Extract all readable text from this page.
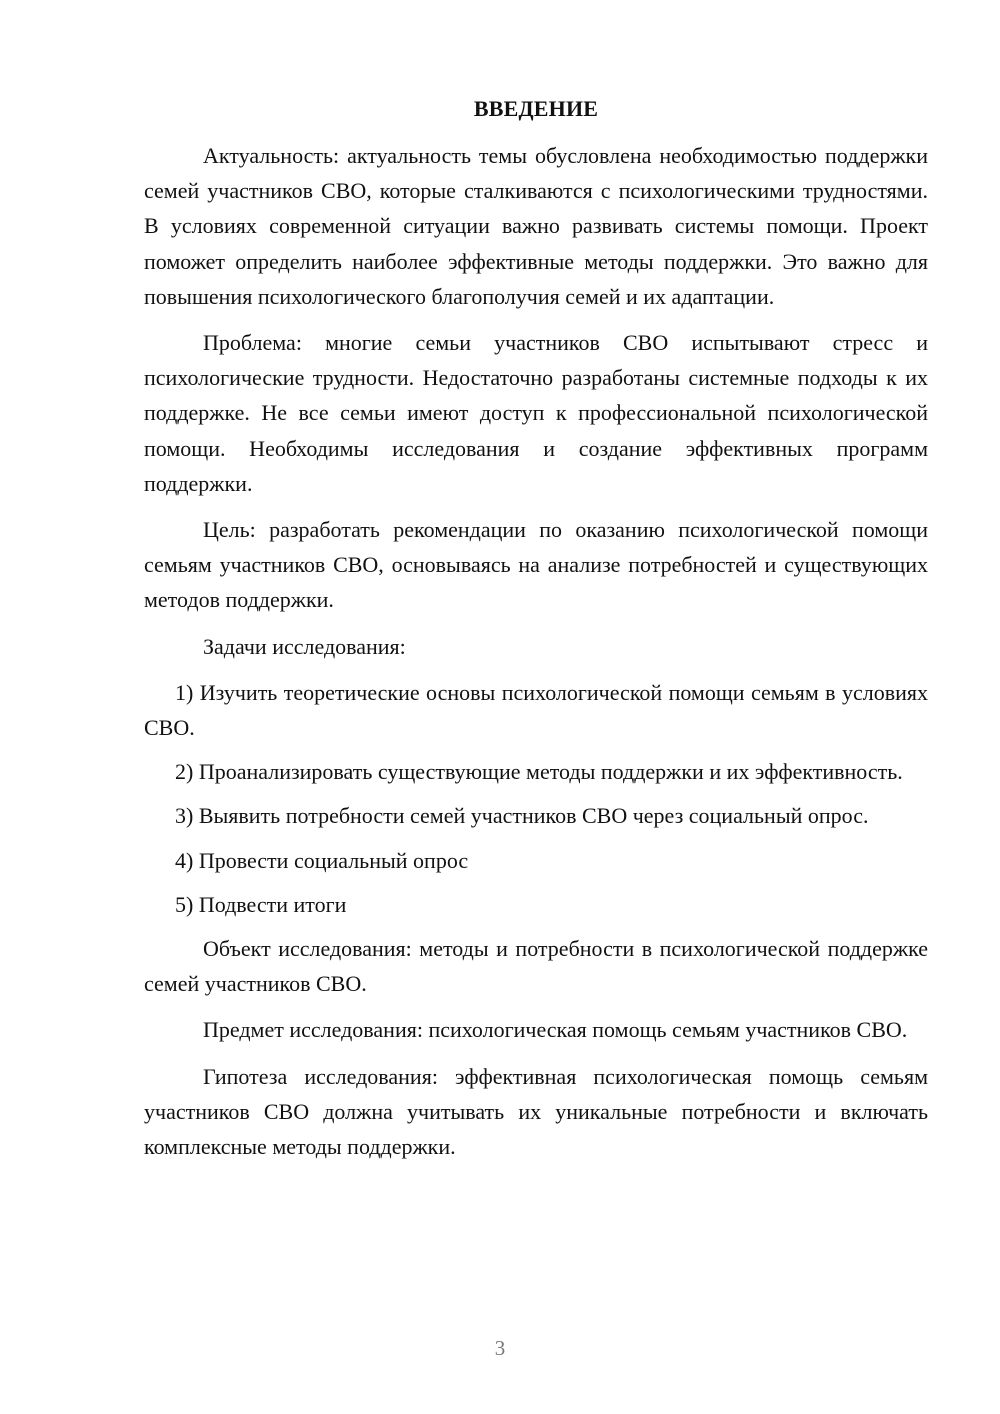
ВВЕДЕНИЕ

Актуальность: актуальность темы обусловлена необходимостью поддержки семей участников СВО, которые сталкиваются с психологическими трудностями. В условиях современной ситуации важно развивать системы помощи. Проект поможет определить наиболее эффективные методы поддержки. Это важно для повышения психологического благополучия семей и их адаптации.

Проблема: многие семьи участников СВО испытывают стресс и психологические трудности. Недостаточно разработаны системные подходы к их поддержке. Не все семьи имеют доступ к профессиональной психологической помощи. Необходимы исследования и создание эффективных программ поддержки.

Цель: разработать рекомендации по оказанию психологической помощи семьям участников СВО, основываясь на анализе потребностей и существующих методов поддержки.

Задачи исследования:

1) Изучить теоретические основы психологической помощи семьям в условиях СВО.

2) Проанализировать существующие методы поддержки и их эффективность.

3) Выявить потребности семей участников СВО через социальный опрос.

4) Провести социальный опрос

5) Подвести итоги

Объект исследования: методы и потребности в психологической поддержке семей участников СВО.

Предмет исследования: психологическая помощь семьям участников СВО.

Гипотеза исследования: эффективная психологическая помощь семьям участников СВО должна учитывать их уникальные потребности и включать комплексные методы поддержки.

3
